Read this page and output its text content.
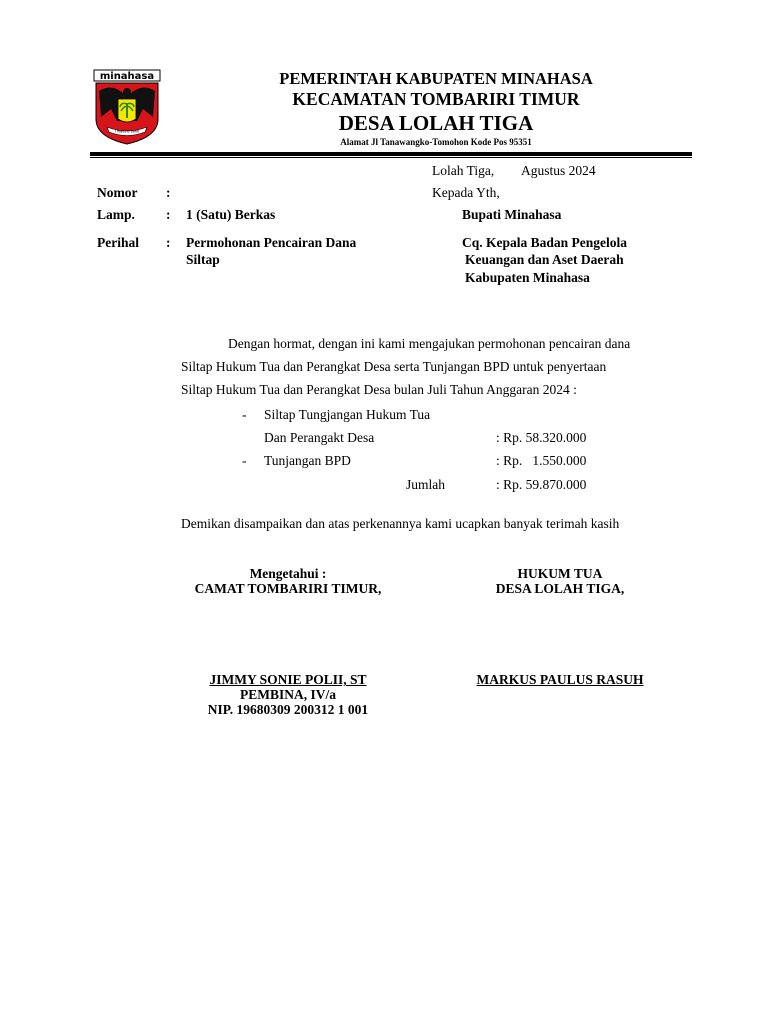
minahasa
I Yayat U Santi
PEMERINTAH KABUPATEN MINAHASA
KECAMATAN TOMBARIRI TIMUR
DESA LOLAH TIGA
Alamat Jl Tanawangko-Tomohon Kode Pos 95351
Lolah Tiga, Agustus 2024
Kepada Yth,
Bupati Minahasa
Cq. Kepala Badan Pengelola
Keuangan dan Aset Daerah
Kabupaten Minahasa
Nomor :
Lamp. : 1 (Satu) Berkas
Perihal : Permohonan Pencairan Dana
Siltap
Dengan hormat, dengan ini kami mengajukan permohonan pencairan dana
Siltap Hukum Tua dan Perangkat Desa serta Tunjangan BPD untuk penyertaan
Siltap Hukum Tua dan Perangkat Desa bulan Juli Tahun Anggaran 2024 :
- Siltap Tungjangan Hukum Tua
Dan Perangakt Desa	: Rp. 58.320.000
- Tunjangan BPD	: Rp.   1.550.000
Jumlah	: Rp. 59.870.000
Demikan disampaikan dan atas perkenannya kami ucapkan banyak terimah kasih
Mengetahui :
CAMAT TOMBARIRI TIMUR,
JIMMY SONIE POLII, ST
PEMBINA, IV/a
NIP. 19680309 200312 1 001
HUKUM TUA
DESA LOLAH TIGA,
MARKUS PAULUS RASUH
